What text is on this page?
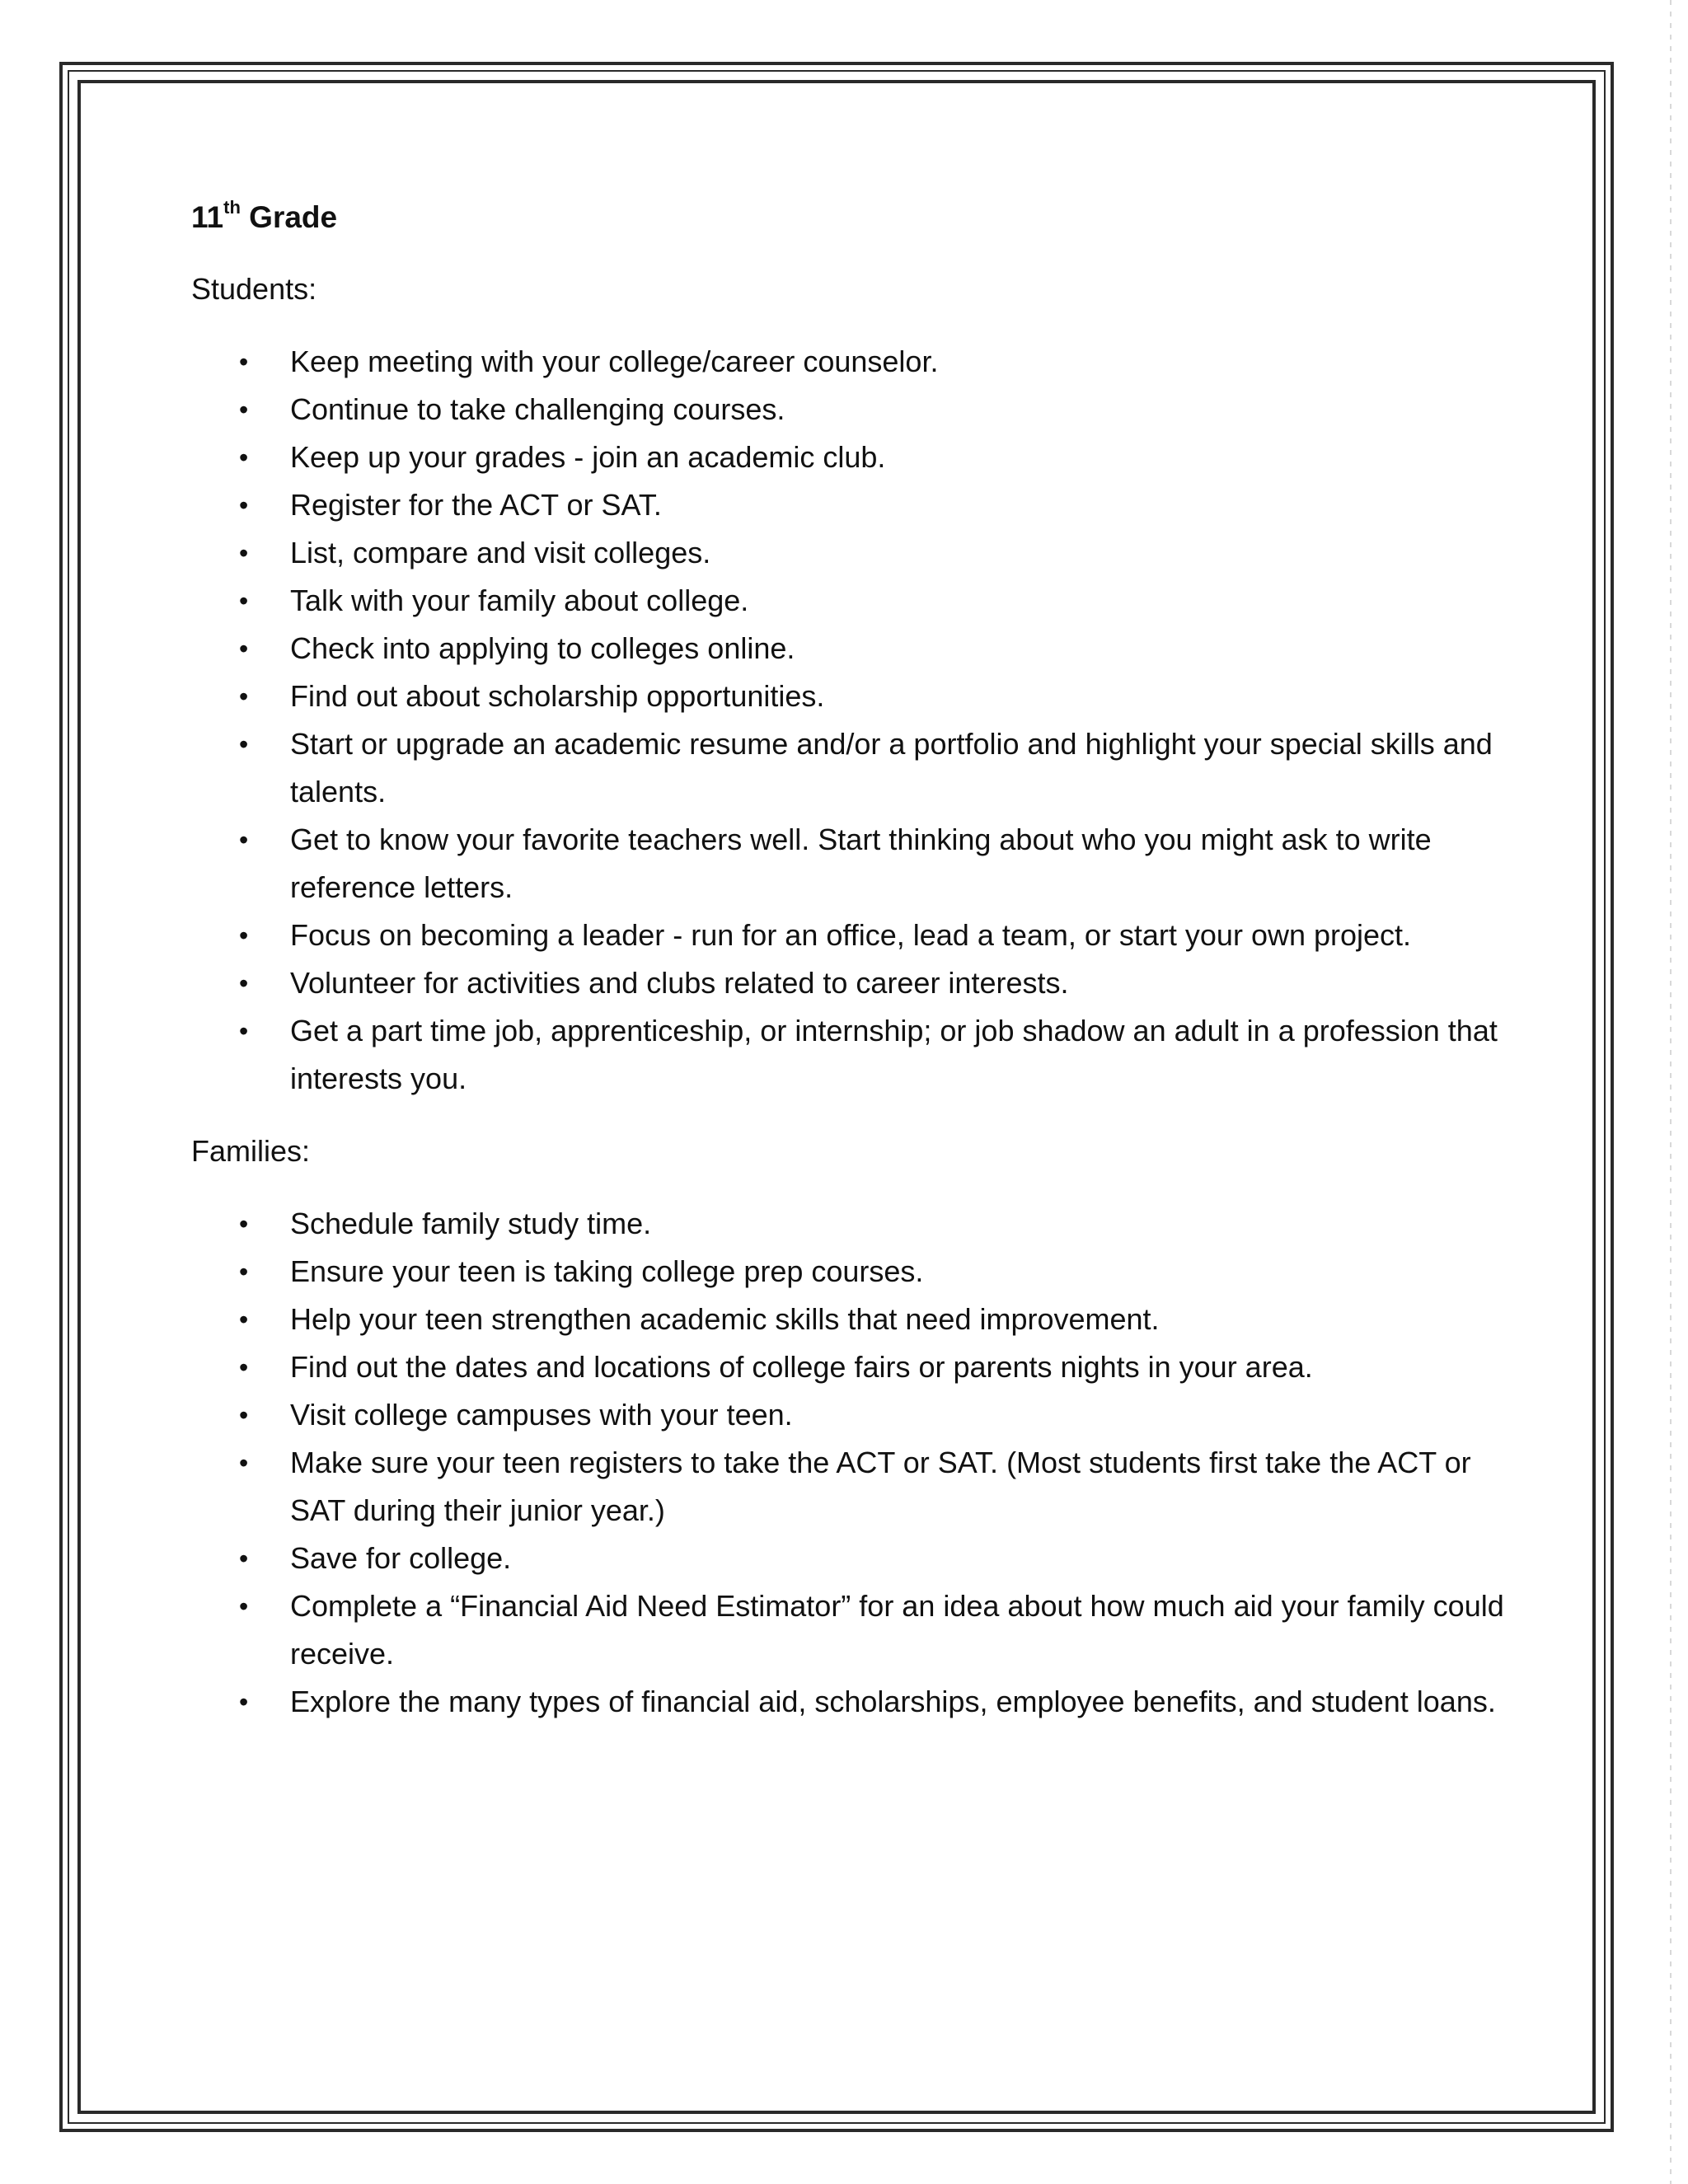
11th Grade
Students:
• Keep meeting with your college/career counselor.
• Continue to take challenging courses.
• Keep up your grades - join an academic club.
• Register for the ACT or SAT.
• List, compare and visit colleges.
• Talk with your family about college.
• Check into applying to colleges online.
• Find out about scholarship opportunities.
• Start or upgrade an academic resume and/or a portfolio and highlight your special skills and talents.
• Get to know your favorite teachers well. Start thinking about who you might ask to write reference letters.
• Focus on becoming a leader - run for an office, lead a team, or start your own project.
• Volunteer for activities and clubs related to career interests.
• Get a part time job, apprenticeship, or internship; or job shadow an adult in a profession that interests you.
Families:
• Schedule family study time.
• Ensure your teen is taking college prep courses.
• Help your teen strengthen academic skills that need improvement.
• Find out the dates and locations of college fairs or parents nights in your area.
• Visit college campuses with your teen.
• Make sure your teen registers to take the ACT or SAT. (Most students first take the ACT or SAT during their junior year.)
• Save for college.
• Complete a “Financial Aid Need Estimator” for an idea about how much aid your family could receive.
• Explore the many types of financial aid, scholarships, employee benefits, and student loans.
